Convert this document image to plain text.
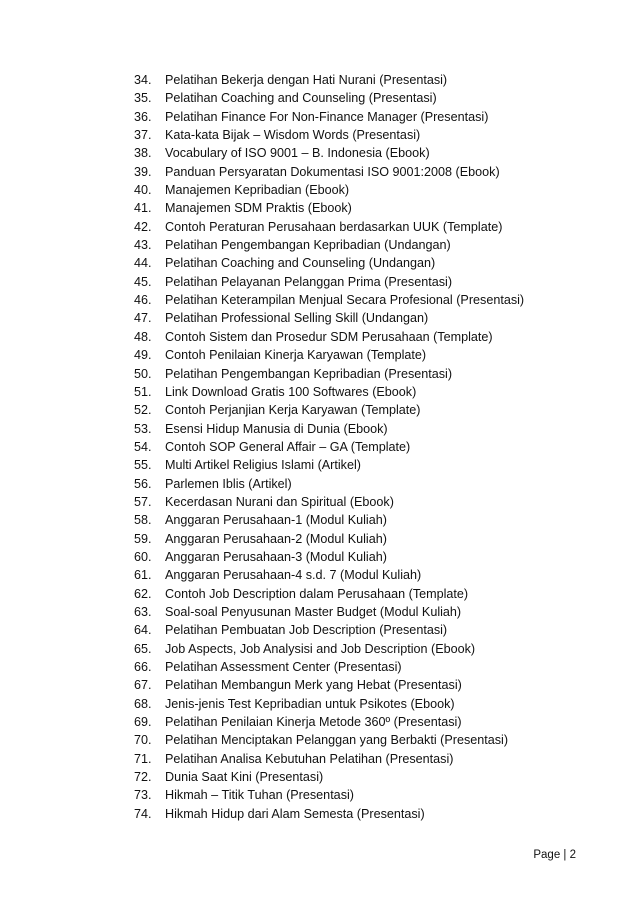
34.	Pelatihan Bekerja dengan Hati Nurani (Presentasi)
35.	Pelatihan Coaching and Counseling (Presentasi)
36.	Pelatihan Finance For Non-Finance Manager (Presentasi)
37.	Kata-kata Bijak – Wisdom Words (Presentasi)
38.	Vocabulary of ISO 9001 – B. Indonesia (Ebook)
39.	Panduan Persyaratan Dokumentasi ISO 9001:2008 (Ebook)
40.	Manajemen Kepribadian (Ebook)
41.	Manajemen SDM Praktis (Ebook)
42.	Contoh Peraturan Perusahaan berdasarkan UUK (Template)
43.	Pelatihan Pengembangan Kepribadian (Undangan)
44.	Pelatihan Coaching and Counseling (Undangan)
45.	Pelatihan Pelayanan Pelanggan Prima (Presentasi)
46.	Pelatihan Keterampilan Menjual Secara Profesional (Presentasi)
47.	Pelatihan Professional Selling Skill (Undangan)
48.	Contoh Sistem dan Prosedur SDM Perusahaan (Template)
49.	Contoh Penilaian Kinerja Karyawan (Template)
50.	Pelatihan Pengembangan Kepribadian (Presentasi)
51.	Link Download Gratis 100 Softwares (Ebook)
52.	Contoh Perjanjian Kerja Karyawan (Template)
53.	Esensi Hidup Manusia di Dunia (Ebook)
54.	Contoh SOP General Affair – GA (Template)
55.	Multi Artikel Religius Islami (Artikel)
56.	Parlemen Iblis (Artikel)
57.	Kecerdasan Nurani dan Spiritual (Ebook)
58.	Anggaran Perusahaan-1 (Modul Kuliah)
59.	Anggaran Perusahaan-2 (Modul Kuliah)
60.	Anggaran Perusahaan-3 (Modul Kuliah)
61.	Anggaran Perusahaan-4 s.d. 7 (Modul Kuliah)
62.	Contoh Job Description dalam Perusahaan (Template)
63.	Soal-soal Penyusunan Master Budget (Modul Kuliah)
64.	Pelatihan Pembuatan Job Description (Presentasi)
65.	Job Aspects, Job Analysisi and Job Description (Ebook)
66.	Pelatihan Assessment Center (Presentasi)
67.	Pelatihan Membangun Merk yang Hebat (Presentasi)
68.	Jenis-jenis Test Kepribadian untuk Psikotes (Ebook)
69.	Pelatihan Penilaian Kinerja Metode 360º (Presentasi)
70.	Pelatihan Menciptakan Pelanggan yang Berbakti (Presentasi)
71.	Pelatihan Analisa Kebutuhan Pelatihan (Presentasi)
72.	Dunia Saat Kini (Presentasi)
73.	Hikmah – Titik Tuhan (Presentasi)
74.	Hikmah Hidup dari Alam Semesta (Presentasi)
Page | 2
